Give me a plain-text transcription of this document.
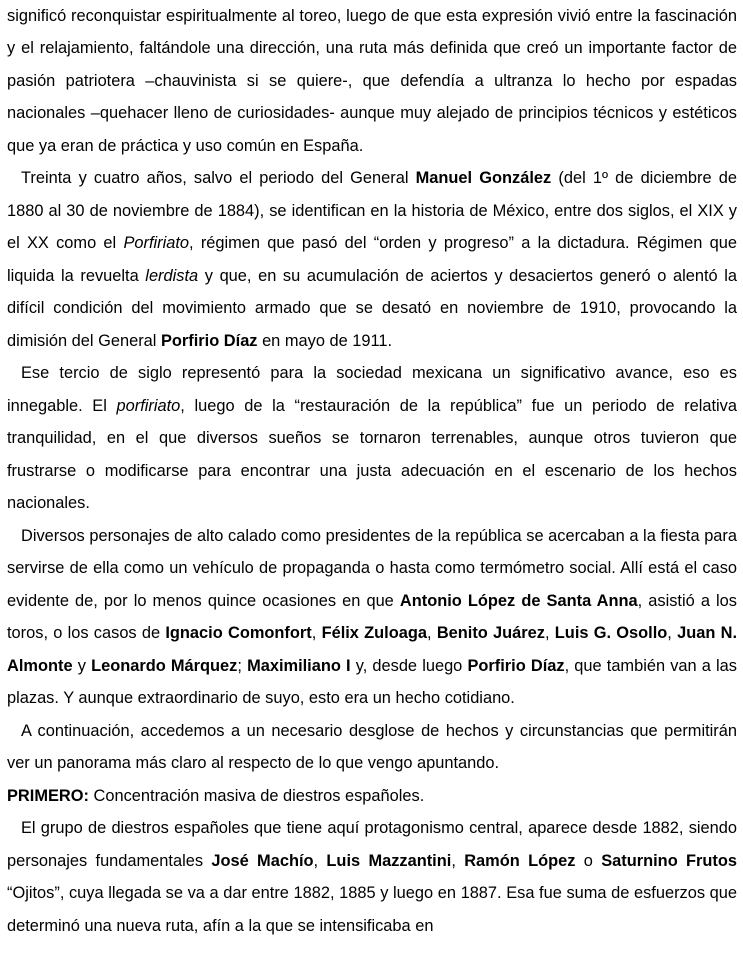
significó reconquistar espiritualmente al toreo, luego de que esta expresión vivió entre la fascinación y el relajamiento, faltándole una dirección, una ruta más definida que creó un importante factor de pasión patriotera –chauvinista si se quiere-, que defendía a ultranza lo hecho por espadas nacionales –quehacer lleno de curiosidades- aunque muy alejado de principios técnicos y estéticos que ya eran de práctica y uso común en España.

Treinta y cuatro años, salvo el periodo del General Manuel González (del 1º de diciembre de 1880 al 30 de noviembre de 1884), se identifican en la historia de México, entre dos siglos, el XIX y el XX como el Porfiriato, régimen que pasó del “orden y progreso” a la dictadura. Régimen que liquida la revuelta lerdista y que, en su acumulación de aciertos y desaciertos generó o alentó la difícil condición del movimiento armado que se desató en noviembre de 1910, provocando la dimisión del General Porfirio Díaz en mayo de 1911.

Ese tercio de siglo representó para la sociedad mexicana un significativo avance, eso es innegable. El porfiriato, luego de la “restauración de la república” fue un periodo de relativa tranquilidad, en el que diversos sueños se tornaron terrenables, aunque otros tuvieron que frustrarse o modificarse para encontrar una justa adecuación en el escenario de los hechos nacionales.

Diversos personajes de alto calado como presidentes de la república se acercaban a la fiesta para servirse de ella como un vehículo de propaganda o hasta como termómetro social. Allí está el caso evidente de, por lo menos quince ocasiones en que Antonio López de Santa Anna, asistió a los toros, o los casos de Ignacio Comonfort, Félix Zuloaga, Benito Juárez, Luis G. Osollo, Juan N. Almonte y Leonardo Márquez; Maximiliano I y, desde luego Porfirio Díaz, que también van a las plazas. Y aunque extraordinario de suyo, esto era un hecho cotidiano.

A continuación, accedemos a un necesario desglose de hechos y circunstancias que permitirán ver un panorama más claro al respecto de lo que vengo apuntando.

PRIMERO: Concentración masiva de diestros españoles.

El grupo de diestros españoles que tiene aquí protagonismo central, aparece desde 1882, siendo personajes fundamentales José Machío, Luis Mazzantini, Ramón López o Saturnino Frutos “Ojitos”, cuya llegada se va a dar entre 1882, 1885 y luego en 1887. Esa fue suma de esfuerzos que determinó una nueva ruta, afín a la que se intensificaba en
